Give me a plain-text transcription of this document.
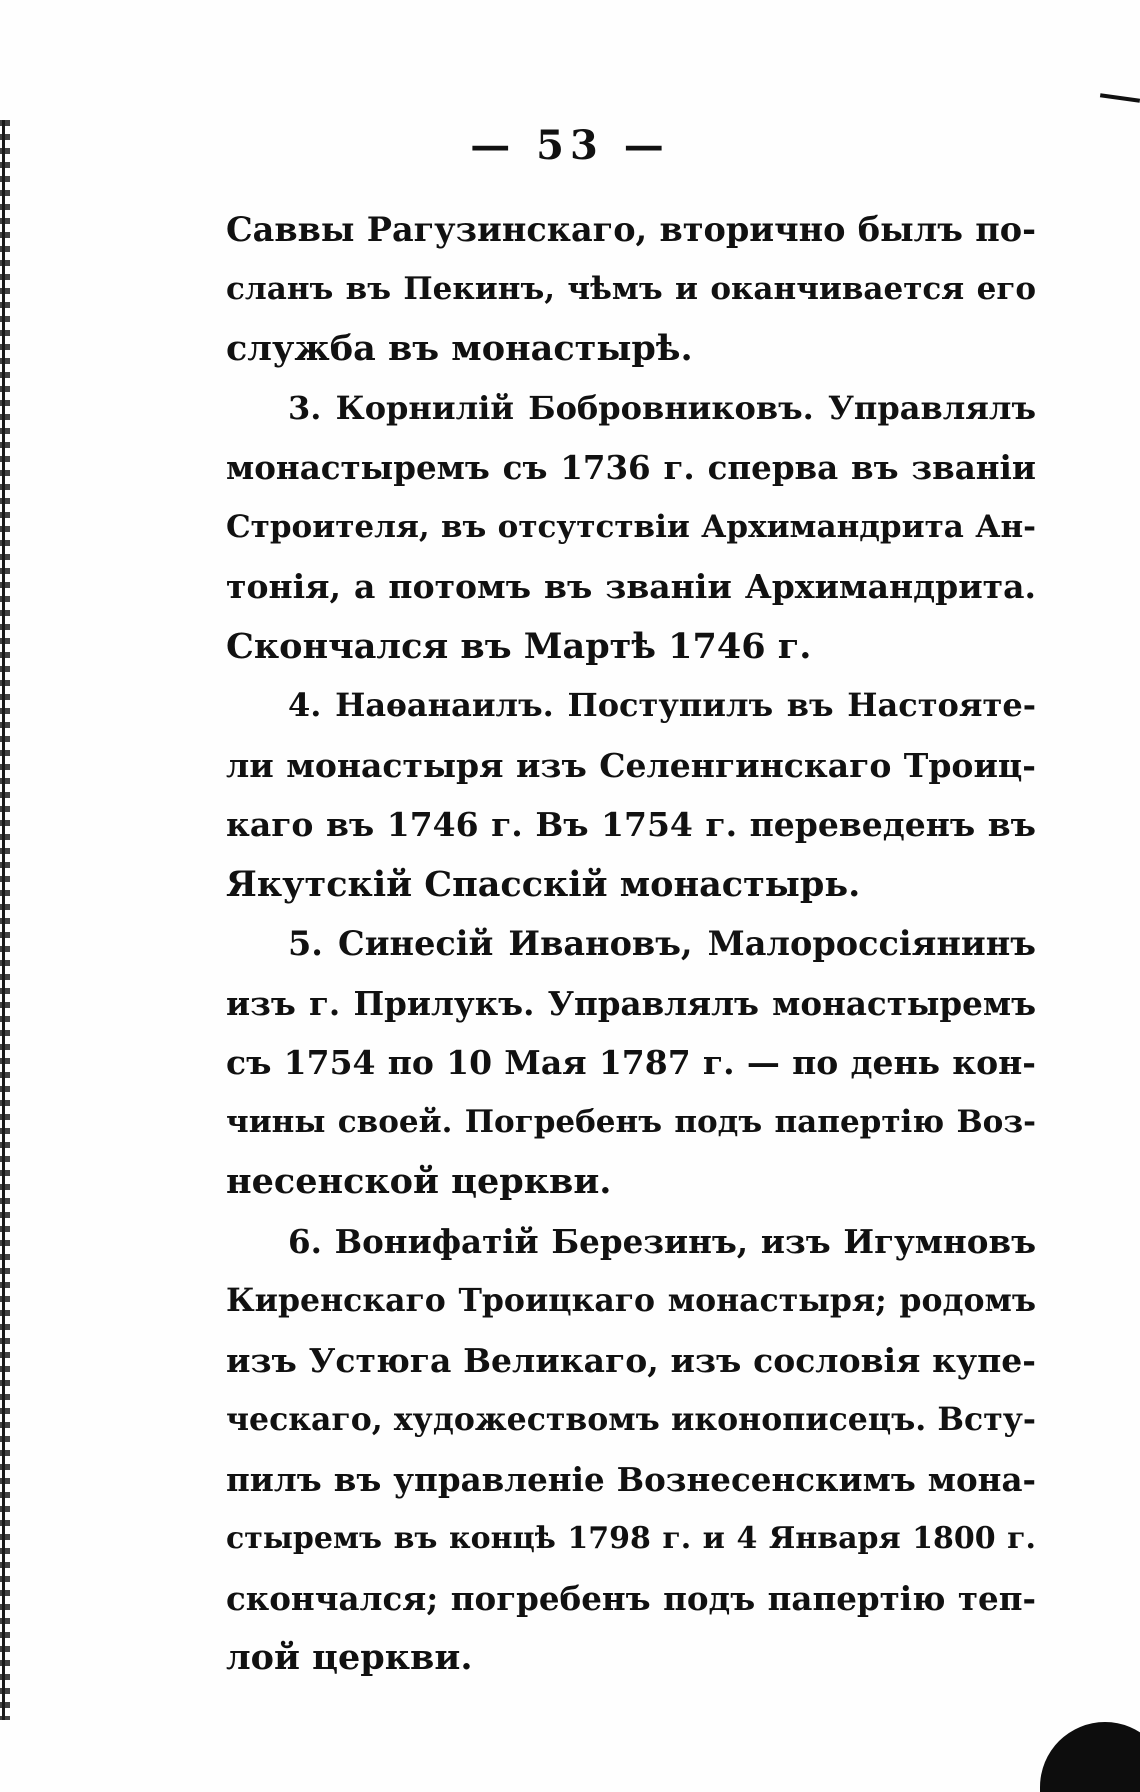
— 53 —
Саввы Рагузинскаго, вторично былъ по-
сланъ въ Пекинъ, чѣмъ и оканчивается его
служба въ монастырѣ.
3. Корнилій Бобровниковъ. Управлялъ
монастыремъ съ 1736 г. сперва въ званіи
Строителя, въ отсутствіи Архимандрита Ан-
тонія, а потомъ въ званіи Архимандрита.
Скончался въ Мартѣ 1746 г.
4. Наѳанаилъ. Поступилъ въ Настояте-
ли монастыря изъ Селенгинскаго Троиц-
каго въ 1746 г. Въ 1754 г. переведенъ въ
Якутскій Спасскій монастырь.
5. Синесій Ивановъ, Малороссіянинъ
изъ г. Прилукъ. Управлялъ монастыремъ
съ 1754 по 10 Мая 1787 г. — по день кон-
чины своей. Погребенъ подъ папертію Воз-
несенской церкви.
6. Вонифатій Березинъ, изъ Игумновъ
Киренскаго Троицкаго монастыря; родомъ
изъ Устюга Великаго, изъ сословія купе-
ческаго, художествомъ иконописецъ. Всту-
пилъ въ управленіе Вознесенскимъ мона-
стыремъ въ концѣ 1798 г. и 4 Января 1800 г.
скончался; погребенъ подъ папертію теп-
лой церкви.
